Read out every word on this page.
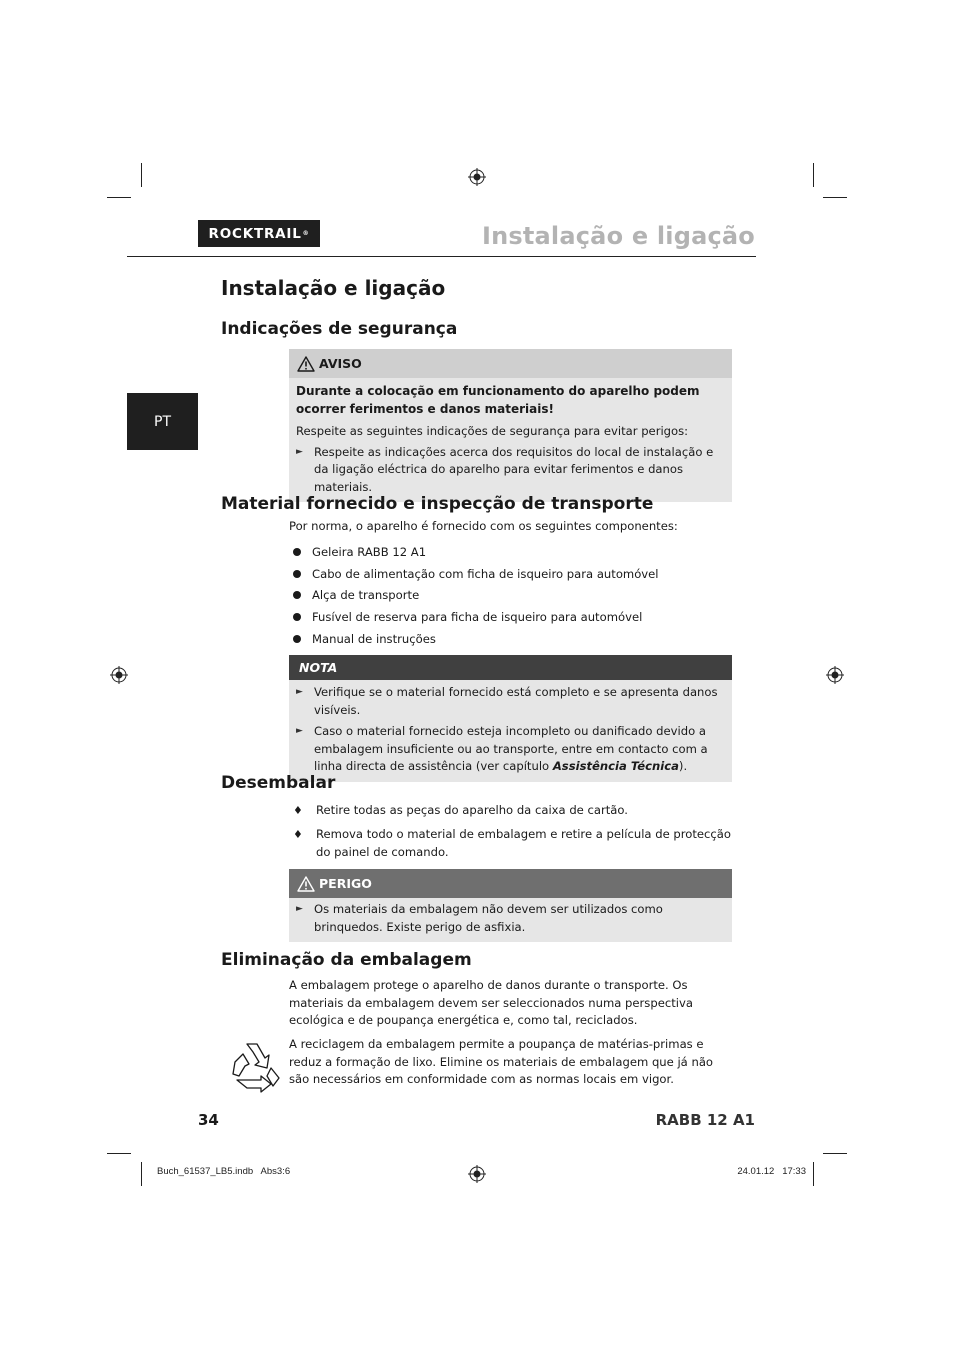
ROCKTRAIL ®	Instalação e ligação
PT
Instalação e ligação
Indicações de segurança
AVISO

Durante a colocação em funcionamento do aparelho podem ocorrer ferimentos e danos materiais!

Respeite as seguintes indicações de segurança para evitar perigos:

► Respeite as indicações acerca dos requisitos do local de instalação e da ligação eléctrica do aparelho para evitar ferimentos e danos materiais.
Material fornecido e inspecção de transporte

Por norma, o aparelho é fornecido com os seguintes componentes:

Geleira RABB 12 A1
Cabo de alimentação com ficha de isqueiro para automóvel
Alça de transporte
Fusível de reserva para ficha de isqueiro para automóvel
Manual de instruções
NOTA
► Verifique se o material fornecido está completo e se apresenta danos visíveis.
► Caso o material fornecido esteja incompleto ou danificado devido a embalagem insuficiente ou ao transporte, entre em contacto com a linha directa de assistência (ver capítulo Assistência Técnica).
Desembalar
♦	Retire todas as peças do aparelho da caixa de cartão.
♦	Remova todo o material de embalagem e retire a película de protecção do painel de comando.
PERIGO
► Os materiais da embalagem não devem ser utilizados como brinquedos. Existe perigo de asfixia.
Eliminação da embalagem

A embalagem protege o aparelho de danos durante o transporte. Os materiais da embalagem devem ser seleccionados numa perspectiva ecológica e de poupança energética e, como tal, reciclados.

A reciclagem da embalagem permite a poupança de matérias-primas e reduz a formação de lixo. Elimine os materiais de embalagem que já não são necessários em conformidade com as normas locais em vigor.

34	RABB 12 A1
Buch_61537_LB5.indb   Abs3:6	24.01.12   17:33
